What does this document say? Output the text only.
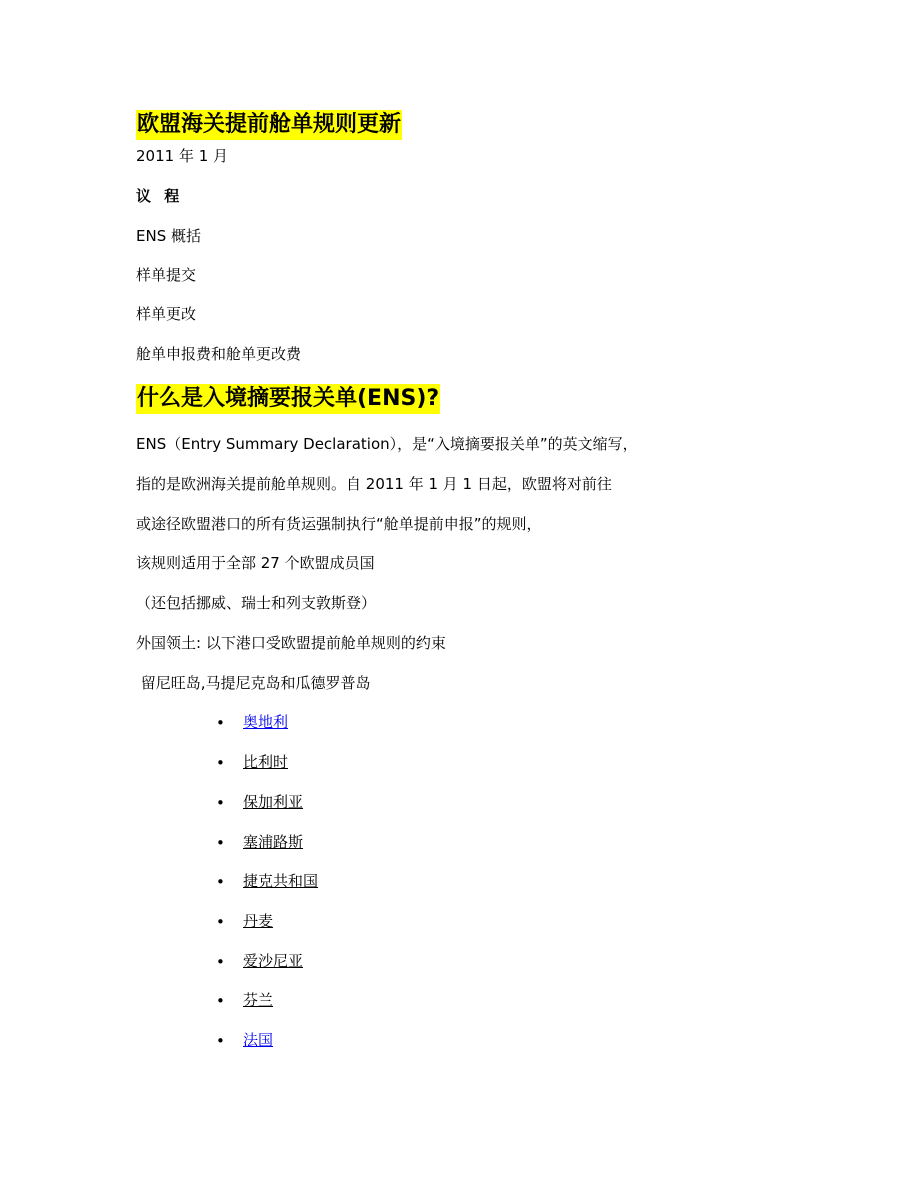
欧盟海关提前舱单规则更新
2011 年 1 月
议 程
ENS 概括
样单提交
样单更改
舱单申报费和舱单更改费
什么是入境摘要报关单(ENS)?
ENS（Entry Summary Declaration），是“入境摘要报关单”的英文缩写，
指的是欧洲海关提前舱单规则。自 2011 年 1 月 1 日起，欧盟将对前往
或途径欧盟港口的所有货运强制执行“舱单提前申报”的规则，
该规则适用于全部 27 个欧盟成员国
（还包括挪威、瑞士和列支敦斯登）
外国领土: 以下港口受欧盟提前舱单规则的约束
留尼旺岛,马提尼克岛和瓜德罗普岛
• 奥地利
• 比利时
• 保加利亚
• 塞浦路斯
• 捷克共和国
• 丹麦
• 爱沙尼亚
• 芬兰
• 法国
